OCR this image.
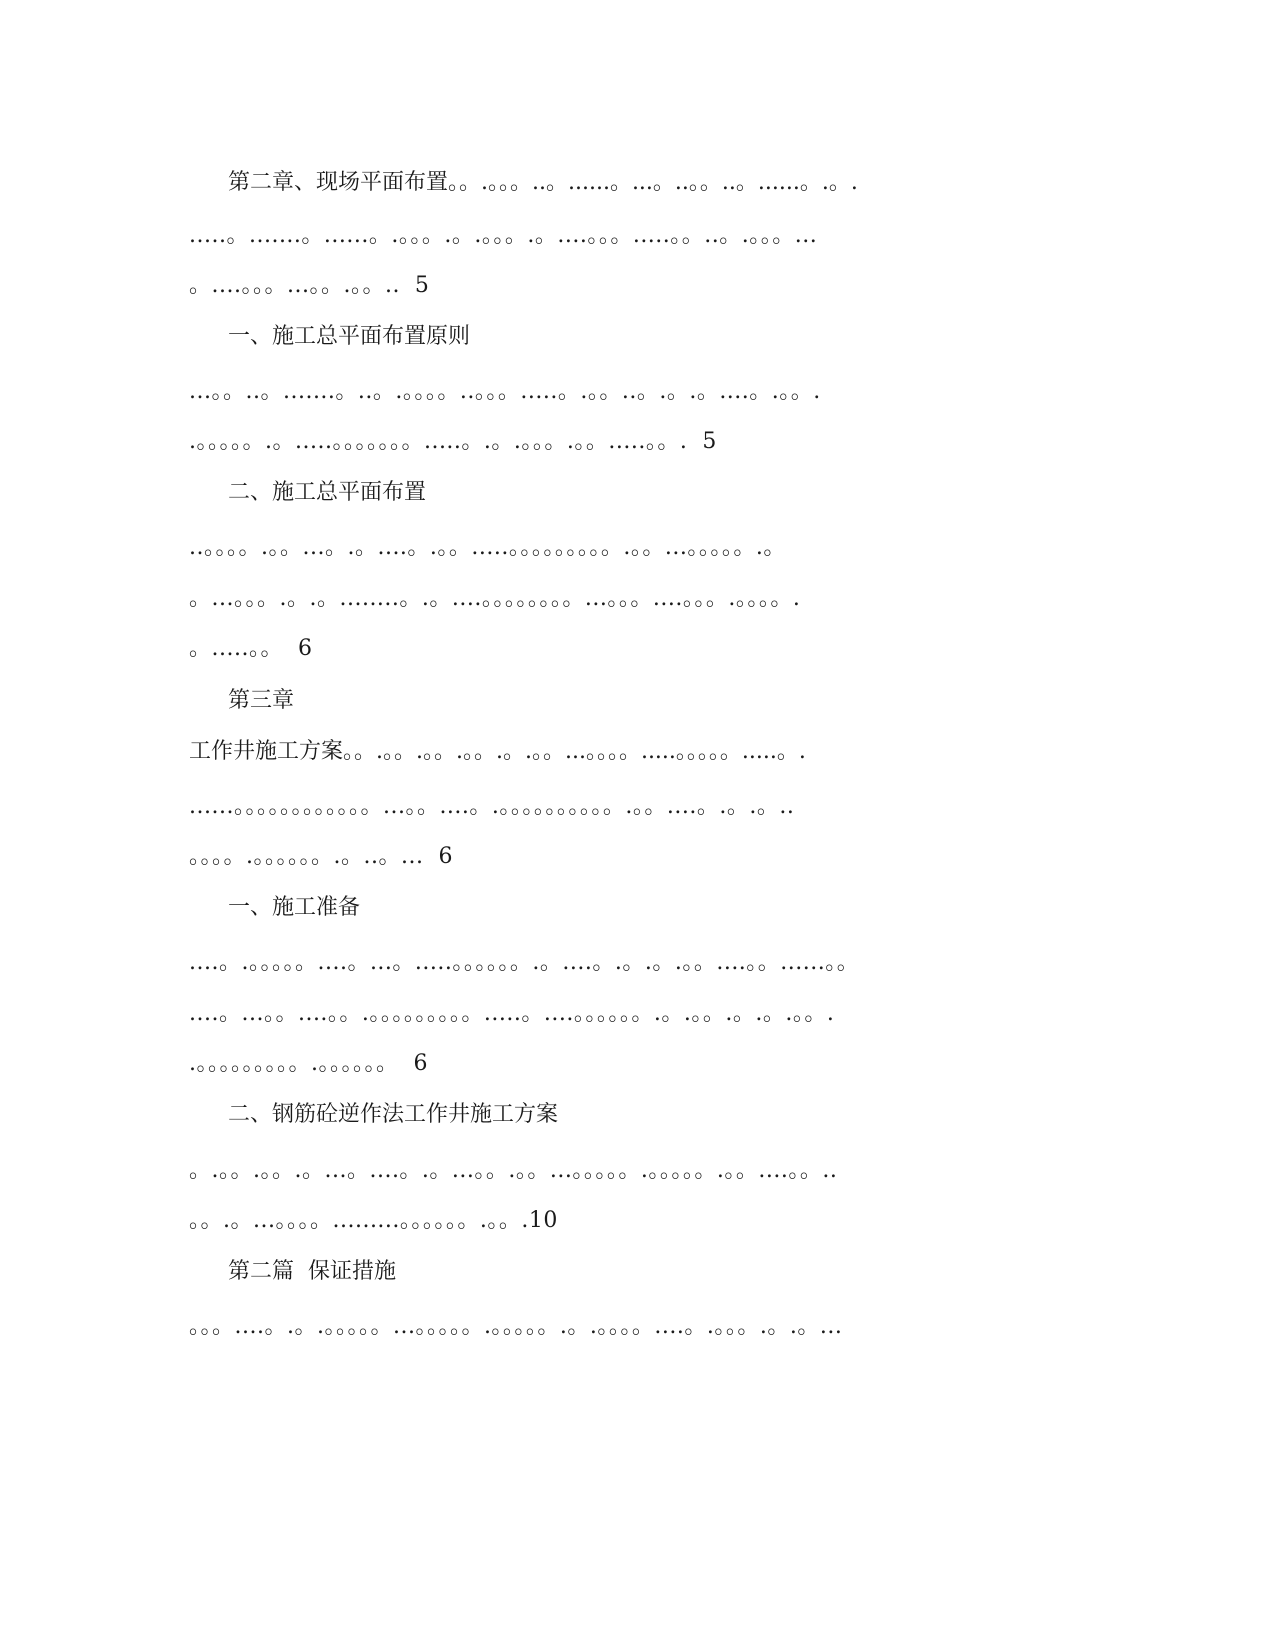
第二章、现场平面布置。。.。。。..。......。...。..。。..。......。.。.
.....。.......。......。.。。。.。.。。。.。....。。。.....。。..。.。。。...
。....。。。...。。.。。..  5
一、施工总平面布置原则
...。。..。.......。..。.。。。。..。。。.....。.。。..。.。.。....。.。。.
.。。。。。.。.....。。。。。。。.....。.。.。。。.。。.....。。.  5
二、施工总平面布置
..。。。。.。。...。.。....。.。。.....。。。。。。。。。.。。...。。。。。.。
。...。。。.。.。........。.。....。。。。。。。。...。。。....。。。.。。。。.
。.....。。  6
第三章
工作井施工方案。。.。。.。。.。。.。.。。...。。。。.....。。。。。.....。.
......。。。。。。。。。。。。...。。....。.。。。。。。。。。。.。。....。.。.。..
。。。。.。。。。。。.。..。...  6
一、施工准备
....。.。。。。。....。...。.....。。。。。。.。....。.。.。.。。....。。......。。
....。...。。....。。.。。。。。。。。。.....。....。。。。。。.。.。。.。.。.。。.
.。。。。。。。。。.。。。。。。  6
二、钢筋砼逆作法工作井施工方案
。.。。.。。.。...。....。.。...。。.。。...。。。。。.。。。。。.。。....。。..
。。.。...。。。。.........。。。。。。.。。.10
第二篇  保证措施
。。。....。.。.。。。。。...。。。。。.。。。。。.。.。。。。....。.。。。.。.。...
